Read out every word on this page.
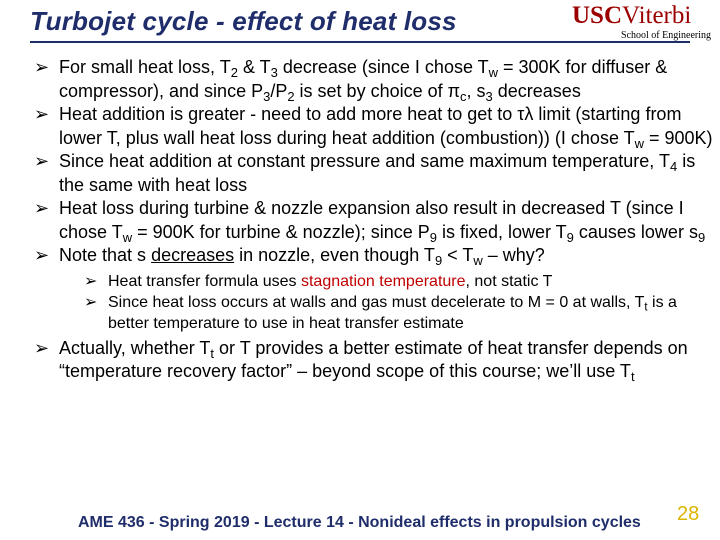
Turbojet cycle - effect of heat loss	USCViterbi
School of Engineering

➢ For small heat loss, $T_2$ & $T_3$ decrease (since I chose $T_w = 300K$ for diffuser & compressor), and since $P_3/P_2$ is set by choice of $\pi_c$, $s_3$ decreases

➢ Heat addition is greater - need to add more heat to get to τλ limit (starting from lower T, plus wall heat loss during heat addition (combustion)) (I chose $T_w = 900K$)

➢ Since heat addition at constant pressure and same maximum temperature, $T_4$ is the same with heat loss

➢ Heat loss during turbine & nozzle expansion also result in decreased T (since I chose $T_w = 900K$ for turbine & nozzle); since $P_9$ is fixed, lower $T_9$ causes lower $s_9$

➢ Note that s decreases in nozzle, even though $T_9 < T_w$ – why?

➢ Heat transfer formula uses stagnation temperature, not static T
➢ Since heat loss occurs at walls and gas must decelerate to M = 0 at walls, $T_t$ is a better temperature to use in heat transfer estimate

➢ Actually, whether $T_t$ or T provides a better estimate of heat transfer depends on “temperature recovery factor” – beyond scope of this course; we’ll use $T_t$

AME 436 - Spring 2019 - Lecture 14 - Nonideal effects in propulsion cycles 28
